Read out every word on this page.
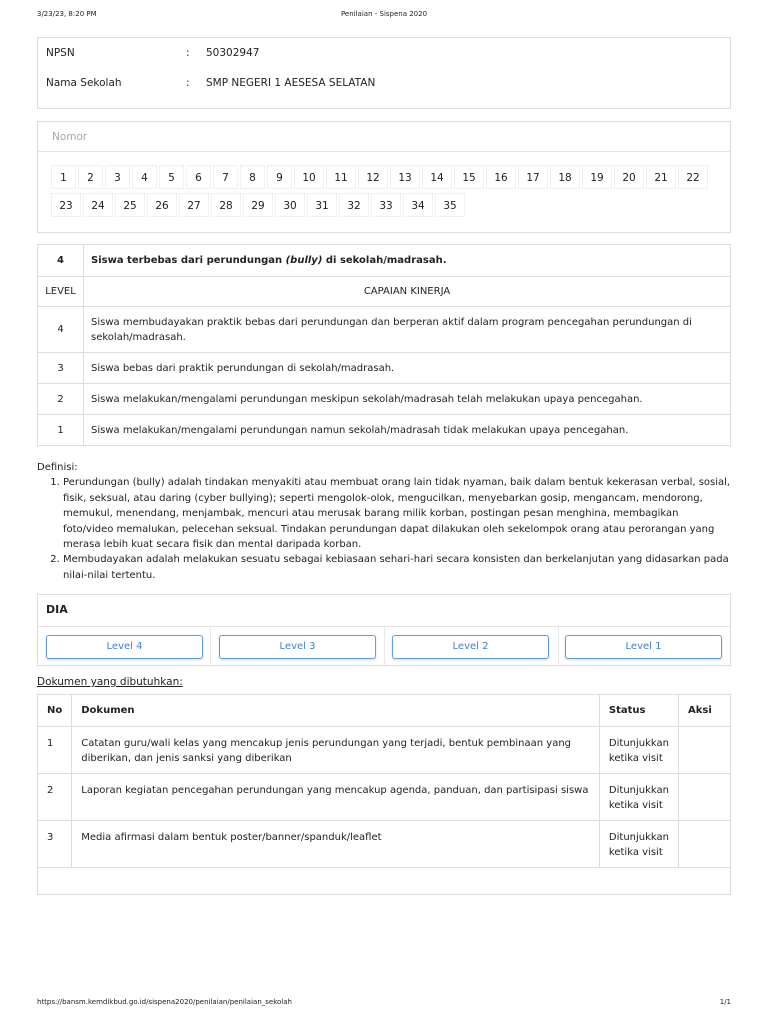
3/23/23, 8:20 PM	Penilaian - Sispena 2020
NPSN	: 50302947
Nama Sekolah	: SMP NEGERI 1 AESESA SELATAN
Nomor
1	2	3	4	5	6	7	8	9	10	11	12	13	14	15	16	17	18	19	20	21	22
23	24	25	26	27	28	29	30	31	32	33	34	35
4	Siswa terbebas dari perundungan (bully) di sekolah/madrasah.
LEVEL	CAPAIAN KINERJA
4	Siswa membudayakan praktik bebas dari perundungan dan berperan aktif dalam program pencegahan perundungan di sekolah/madrasah.
3	Siswa bebas dari praktik perundungan di sekolah/madrasah.
2	Siswa melakukan/mengalami perundungan meskipun sekolah/madrasah telah melakukan upaya pencegahan.
1	Siswa melakukan/mengalami perundungan namun sekolah/madrasah tidak melakukan upaya pencegahan.
Definisi:
1. Perundungan (bully) adalah tindakan menyakiti atau membuat orang lain tidak nyaman, baik dalam bentuk kekerasan verbal, sosial, fisik, seksual, atau daring (cyber bullying); seperti mengolok-olok, mengucilkan, menyebarkan gosip, mengancam, mendorong, memukul, menendang, menjambak, mencuri atau merusak barang milik korban, postingan pesan menghina, membagikan foto/video memalukan, pelecehan seksual. Tindakan perundungan dapat dilakukan oleh sekelompok orang atau perorangan yang merasa lebih kuat secara fisik dan mental daripada korban.
2. Membudayakan adalah melakukan sesuatu sebagai kebiasaan sehari-hari secara konsisten dan berkelanjutan yang didasarkan pada nilai-nilai tertentu.
DIA
Level 4	Level 3	Level 2	Level 1
Dokumen yang dibutuhkan:
No	Dokumen	Status	Aksi
1	Catatan guru/wali kelas yang mencakup jenis perundungan yang terjadi, bentuk pembinaan yang diberikan, dan jenis sanksi yang diberikan	Ditunjukkan ketika visit	
2	Laporan kegiatan pencegahan perundungan yang mencakup agenda, panduan, dan partisipasi siswa	Ditunjukkan ketika visit	
3	Media afirmasi dalam bentuk poster/banner/spanduk/leaflet	Ditunjukkan ketika visit	

https://bansm.kemdikbud.go.id/sispena2020/penilaian/penilaian_sekolah	1/1
